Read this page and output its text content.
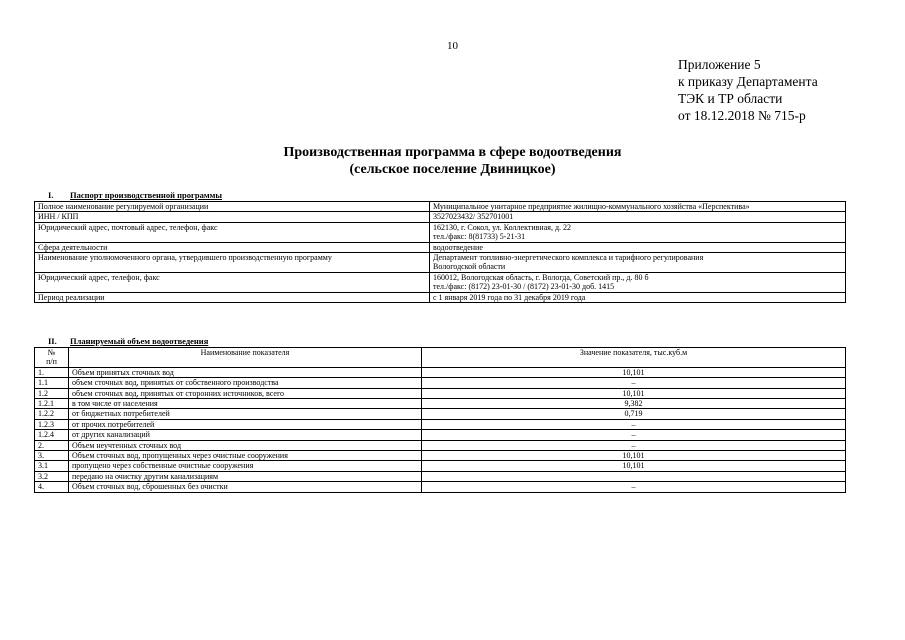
10
Приложение 5
к приказу Департамента
ТЭК и ТР области
от 18.12.2018 № 715-р
Производственная программа в сфере водоотведения
(сельское поселение Двиницкое)
I. Паспорт производственной программы
Полное наименование регулируемой организации	Муниципальное унитарное предприятие жилищно-коммунального хозяйства «Перспектива»

ИНН / КПП	3527023432/ 352701001

Юридический адрес, почтовый адрес, телефон, факс	162130, г. Сокол, ул. Коллективная, д. 22
тел./факс: 8(81733) 5-21-31

Сфера деятельности	водоотведение

Наименование уполномоченного органа, утвердившего производственную программу	Департамент топливно-энергетического комплекса и тарифного регулирования
Вологодской области

Юридический адрес, телефон, факс	160012, Вологодская область, г. Вологда, Советский пр., д. 80 б
тел./факс: (8172) 23-01-30 / (8172) 23-01-30 доб. 1415

Период реализации	с 1 января 2019 года по 31 декабря 2019 года
II. Планируемый объем водоотведения
№
п/п	Наименование показателя	Значение показателя, тыс.куб.м
1.	Объем принятых сточных вод	10,101
1.1	объем сточных вод, принятых от собственного производства	–
1.2	объем сточных вод, принятых от сторонних источников, всего	10,101
1.2.1	в том числе от населения	9,382
1.2.2	от бюджетных потребителей	0,719
1.2.3	от прочих потребителей	–
1.2.4	от других канализаций	–
2.	Объем неучтенных сточных вод	–
3.	Объем сточных вод, пропущенных через очистные сооружения	10,101
3.1	пропущено через собственные очистные сооружения	10,101
3.2	передано на очистку другим канализациям	
4.	Объем сточных вод, сброшенных без очистки	–
